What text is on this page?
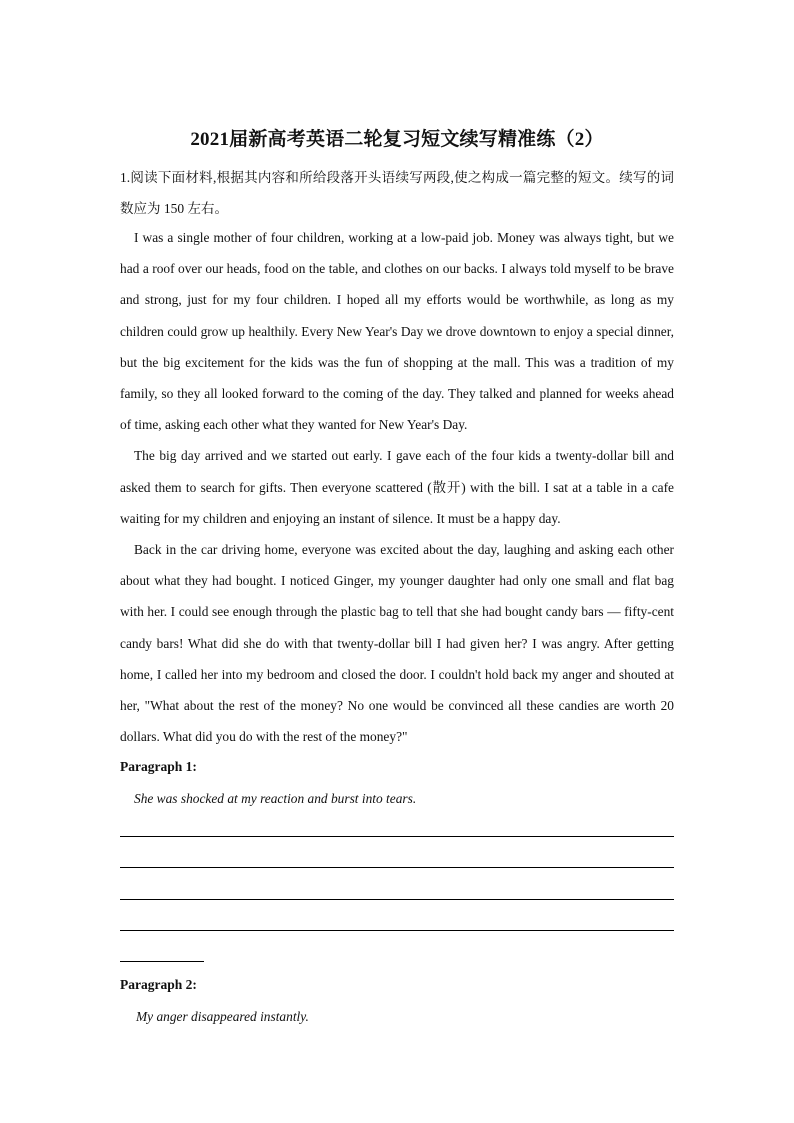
2021届新高考英语二轮复习短文续写精准练（2）
1.阅读下面材料,根据其内容和所给段落开头语续写两段,使之构成一篇完整的短文。续写的词数应为 150 左右。

I was a single mother of four children, working at a low-paid job. Money was always tight, but we had a roof over our heads, food on the table, and clothes on our backs. I always told myself to be brave and strong, just for my four children. I hoped all my efforts would be worthwhile, as long as my children could grow up healthily. Every New Year's Day we drove downtown to enjoy a special dinner, but the big excitement for the kids was the fun of shopping at the mall. This was a tradition of my family, so they all looked forward to the coming of the day. They talked and planned for weeks ahead of time, asking each other what they wanted for New Year's Day.

The big day arrived and we started out early. I gave each of the four kids a twenty-dollar bill and asked them to search for gifts. Then everyone scattered (散开) with the bill. I sat at a table in a cafe waiting for my children and enjoying an instant of silence. It must be a happy day.

Back in the car driving home, everyone was excited about the day, laughing and asking each other about what they had bought. I noticed Ginger, my younger daughter had only one small and flat bag with her. I could see enough through the plastic bag to tell that she had bought candy bars — fifty-cent candy bars! What did she do with that twenty-dollar bill I had given her? I was angry. After getting home, I called her into my bedroom and closed the door. I couldn't hold back my anger and shouted at her, "What about the rest of the money? No one would be convinced all these candies are worth 20 dollars. What did you do with the rest of the money?"

Paragraph 1:
She was shocked at my reaction and burst into tears.
Paragraph 2:
My anger disappeared instantly.
